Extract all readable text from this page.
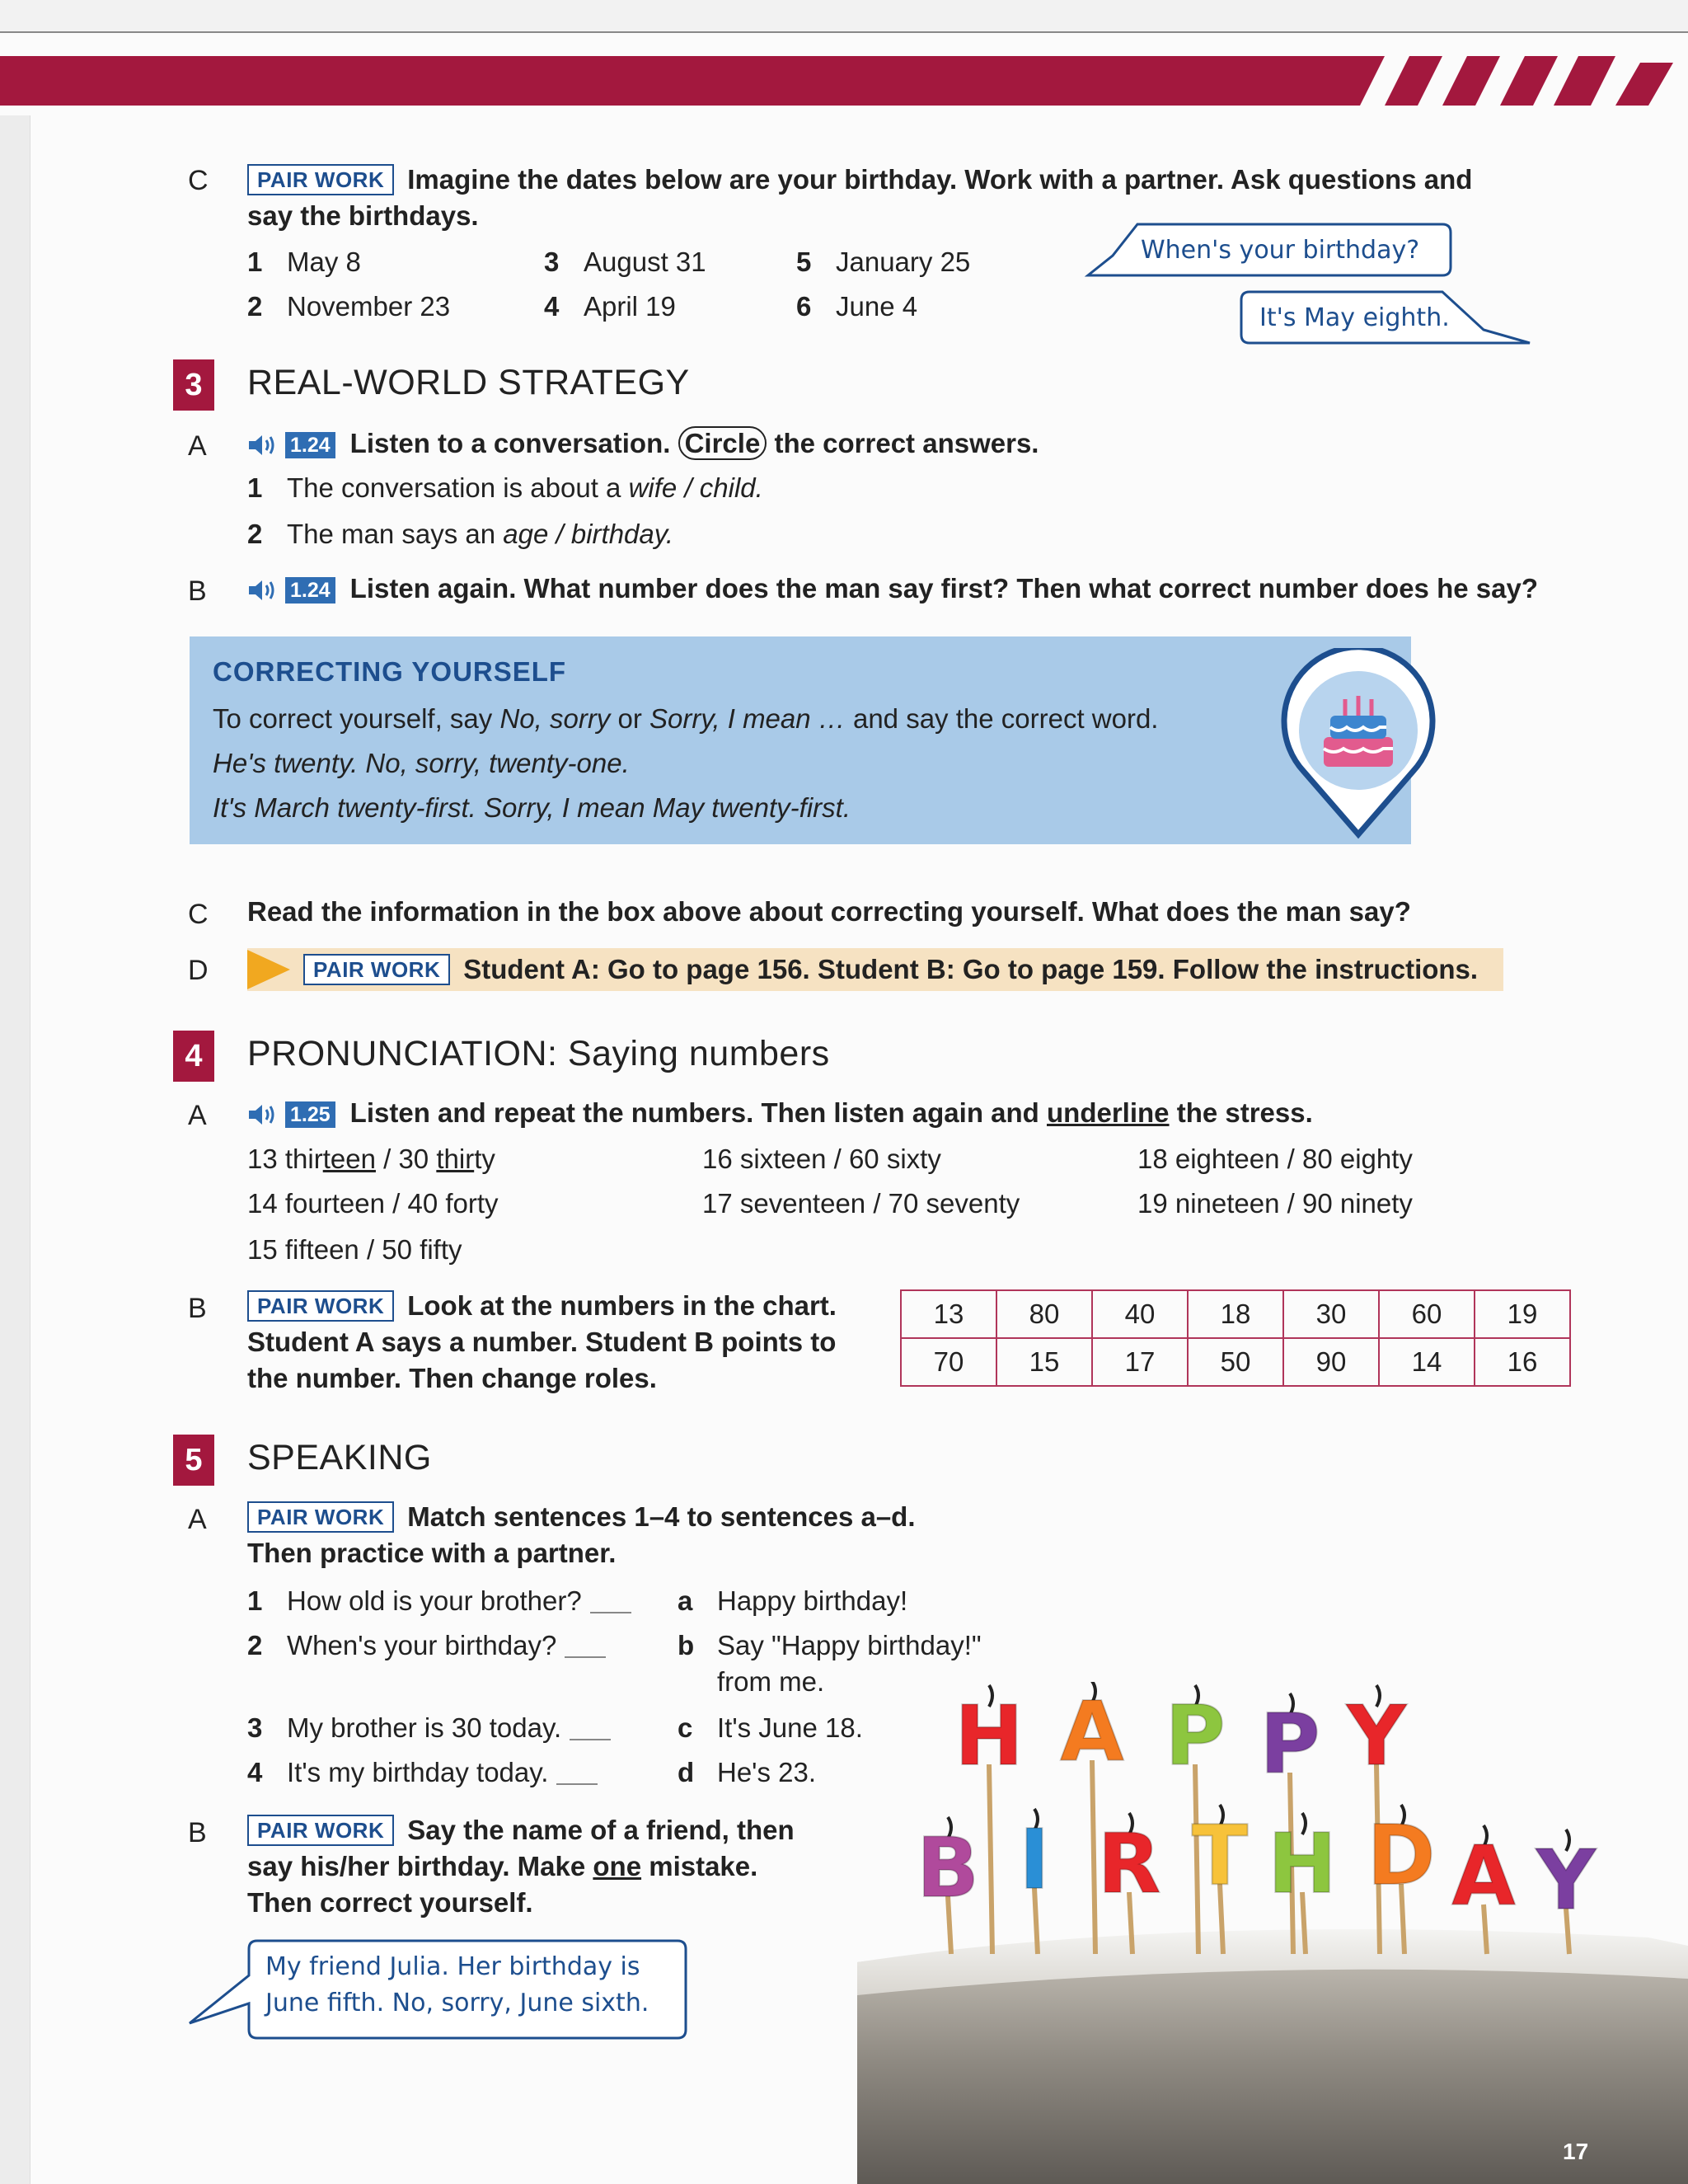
C	PAIR WORK Imagine the dates below are your birthday. Work with a partner. Ask questions and
say the birthdays.
1 May 8
2 November 23
3 August 31
4 April 19
5 January 25
6 June 4
When's your birthday?
It's May eighth.
3	REAL-WORLD STRATEGY
A	1.24 Listen to a conversation. Circle the correct answers.
1 The conversation is about a wife / child.
2 The man says an age / birthday.
B	1.24 Listen again. What number does the man say first? Then what correct number does he say?
CORRECTING YOURSELF
To correct yourself, say No, sorry or Sorry, I mean … and say the correct word.
He's twenty. No, sorry, twenty-one.
It's March twenty-first. Sorry, I mean May twenty-first.
C Read the information in the box above about correcting yourself. What does the man say?
D	PAIR WORK Student A: Go to page 156. Student B: Go to page 159. Follow the instructions.
4	PRONUNCIATION: Saying numbers
A	1.25 Listen and repeat the numbers. Then listen again and underline the stress.
13 thirteen / 30 thirty
14 fourteen / 40 forty
15 fifteen / 50 fifty
16 sixteen / 60 sixty
17 seventeen / 70 seventy
18 eighteen / 80 eighty
19 nineteen / 90 ninety
B	PAIR WORK Look at the numbers in the chart.
Student A says a number. Student B points to
the number. Then change roles.
13	80	40	18	30	60	19
70	15	17	50	90	14	16
5	SPEAKING
A	PAIR WORK Match sentences 1–4 to sentences a–d.
Then practice with a partner.
1 How old is your brother?
2 When's your birthday?
3 My brother is 30 today.
4 It's my birthday today.
a Happy birthday!
b Say "Happy birthday!"
from me.
c It's June 18.
d He's 23.
B	PAIR WORK Say the name of a friend, then
say his/her birthday. Make one mistake.
Then correct yourself.
My friend Julia. Her birthday is
June fifth. No, sorry, June sixth.
H A P P Y
B I R T H D A Y
17
